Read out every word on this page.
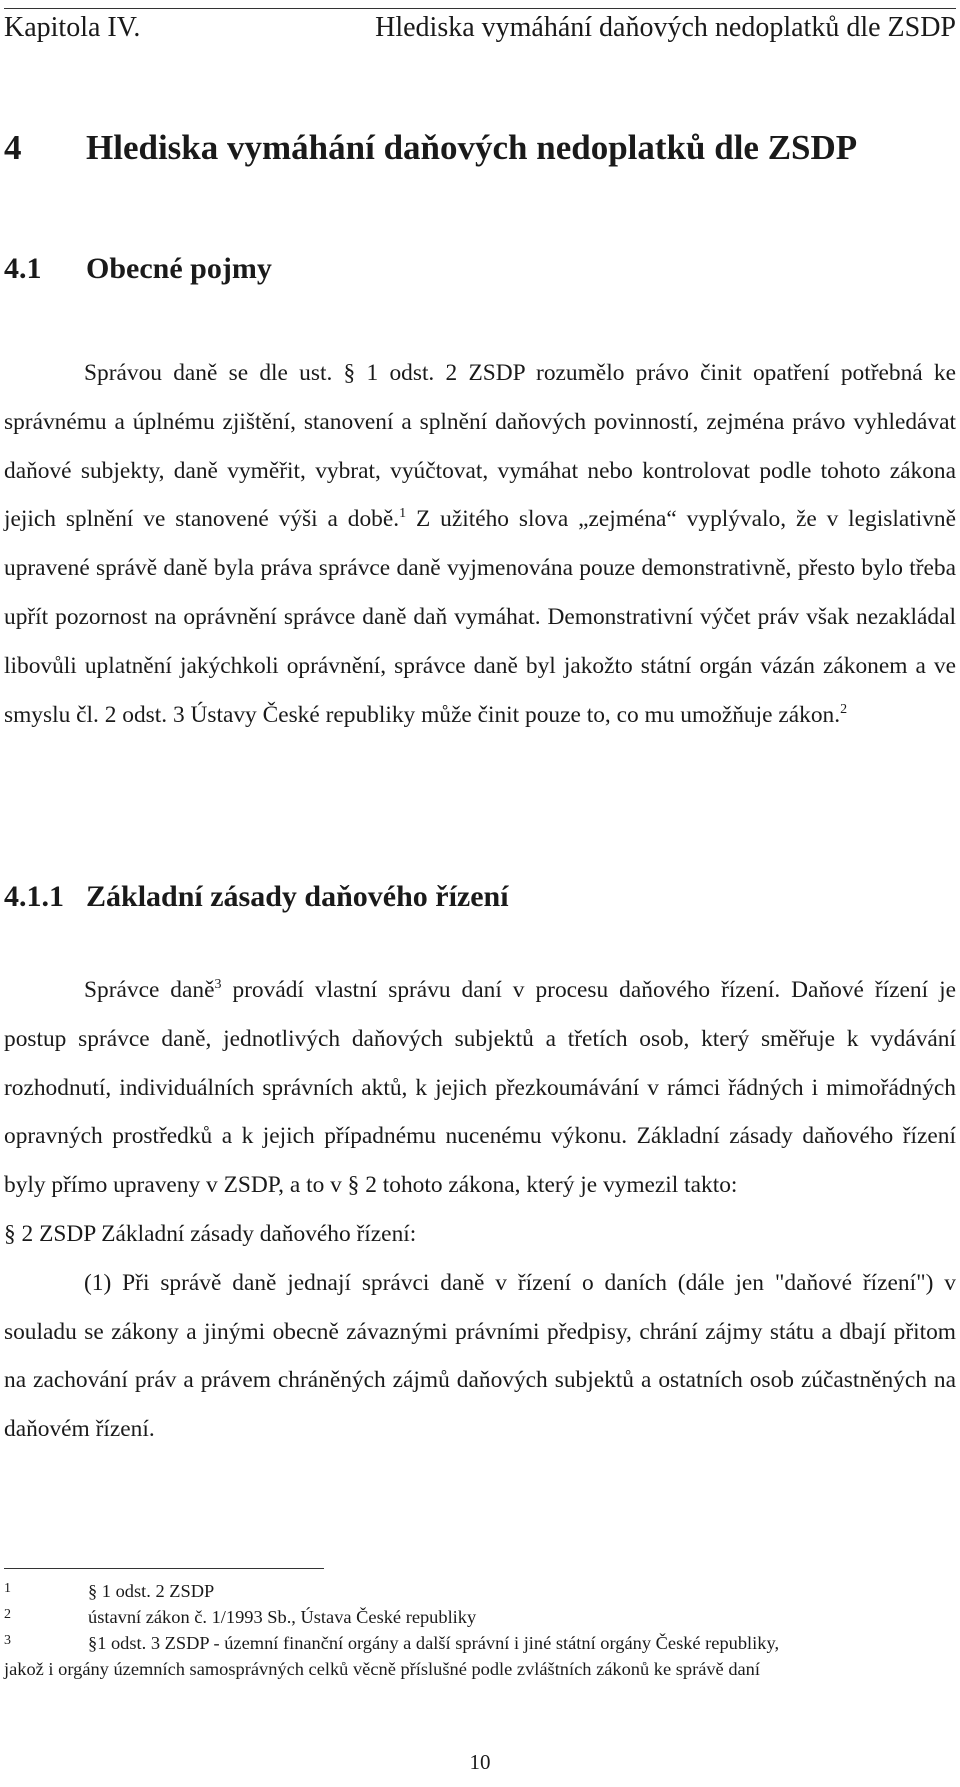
Kapitola IV.	Hlediska vymáhání daňových nedoplatků dle ZSDP
4 Hlediska vymáhání daňových nedoplatků dle ZSDP
4.1 Obecné pojmy

Správou daně se dle ust. § 1 odst. 2 ZSDP rozumělo právo činit opatření potřebná ke správnému a úplnému zjištění, stanovení a splnění daňových povinností, zejména právo vyhledávat daňové subjekty, daně vyměřit, vybrat, vyúčtovat, vymáhat nebo kontrolovat podle tohoto zákona jejich splnění ve stanovené výši a době.$^1$ Z užitého slova „zejména“ vyplývalo, že v legislativně upravené správě daně byla práva správce daně vyjmenována pouze demonstrativně, přesto bylo třeba upřít pozornost na oprávnění správce daně daň vymáhat. Demonstrativní výčet práv však nezakládal libovůli uplatnění jakýchkoli oprávnění, správce daně byl jakožto státní orgán vázán zákonem a ve smyslu čl. 2 odst. 3 Ústavy České republiky může činit pouze to, co mu umožňuje zákon.$^2$

4.1.1 Základní zásady daňového řízení

Správce daně$^3$ provádí vlastní správu daní v procesu daňového řízení. Daňové řízení je postup správce daně, jednotlivých daňových subjektů a třetích osob, který směřuje k vydávání rozhodnutí, individuálních správních aktů, k jejich přezkoumávání v rámci řádných i mimořádných opravných prostředků a k jejich případnému nucenému výkonu. Základní zásady daňového řízení byly přímo upraveny v ZSDP, a to v § 2 tohoto zákona, který je vymezil takto:

§ 2 ZSDP Základní zásady daňového řízení:

(1) Při správě daně jednají správci daně v řízení o daních (dále jen "daňové řízení") v souladu se zákony a jinými obecně závaznými právními předpisy, chrání zájmy státu a dbají přitom na zachování práv a právem chráněných zájmů daňových subjektů a ostatních osob zúčastněných na daňovém řízení.

1	§ 1 odst. 2 ZSDP
2	ústavní zákon č. 1/1993 Sb., Ústava České republiky
3	§1 odst. 3 ZSDP - územní finanční orgány a další správní i jiné státní orgány České republiky,
jakož i orgány územních samosprávných celků věcně příslušné podle zvláštních zákonů ke správě daní
10
